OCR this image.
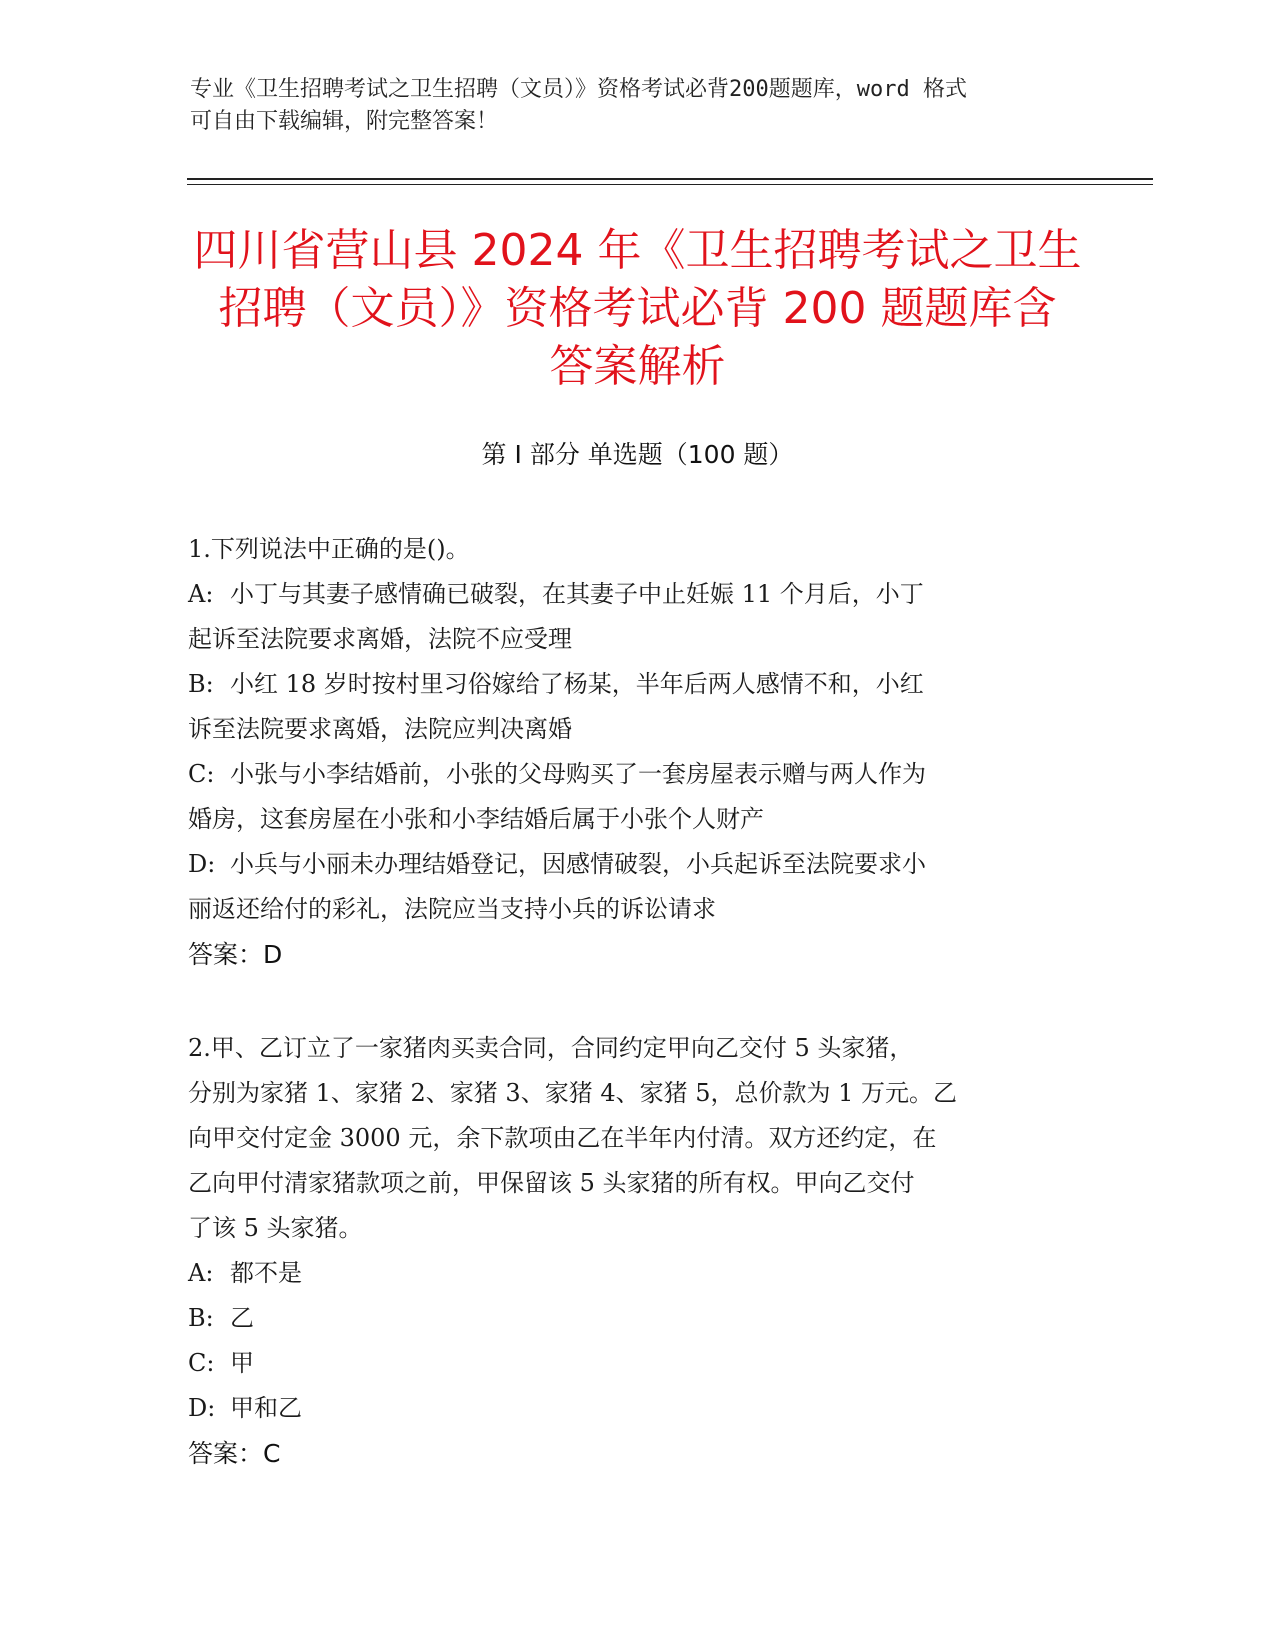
专业《卫生招聘考试之卫生招聘（文员）》资格考试必背200题题库，word 格式
可自由下载编辑，附完整答案！
四川省营山县 2024 年《卫生招聘考试之卫生
招聘（文员）》资格考试必背 200 题题库含
答案解析
第 I 部分 单选题（100 题）

1.下列说法中正确的是()。

A: 小丁与其妻子感情确已破裂，在其妻子中止妊娠 11 个月后，小丁

起诉至法院要求离婚，法院不应受理

B: 小红 18 岁时按村里习俗嫁给了杨某，半年后两人感情不和，小红

诉至法院要求离婚，法院应判决离婚

C: 小张与小李结婚前，小张的父母购买了一套房屋表示赠与两人作为

婚房，这套房屋在小张和小李结婚后属于小张个人财产

D: 小兵与小丽未办理结婚登记，因感情破裂，小兵起诉至法院要求小

丽返还给付的彩礼，法院应当支持小兵的诉讼请求

答案：D

2.甲、乙订立了一家猪肉买卖合同，合同约定甲向乙交付 5 头家猪，

分别为家猪 1、家猪 2、家猪 3、家猪 4、家猪 5，总价款为 1 万元。乙

向甲交付定金 3000 元，余下款项由乙在半年内付清。双方还约定，在

乙向甲付清家猪款项之前，甲保留该 5 头家猪的所有权。甲向乙交付

了该 5 头家猪。

A: 都不是

B: 乙

C: 甲

D: 甲和乙

答案：C
